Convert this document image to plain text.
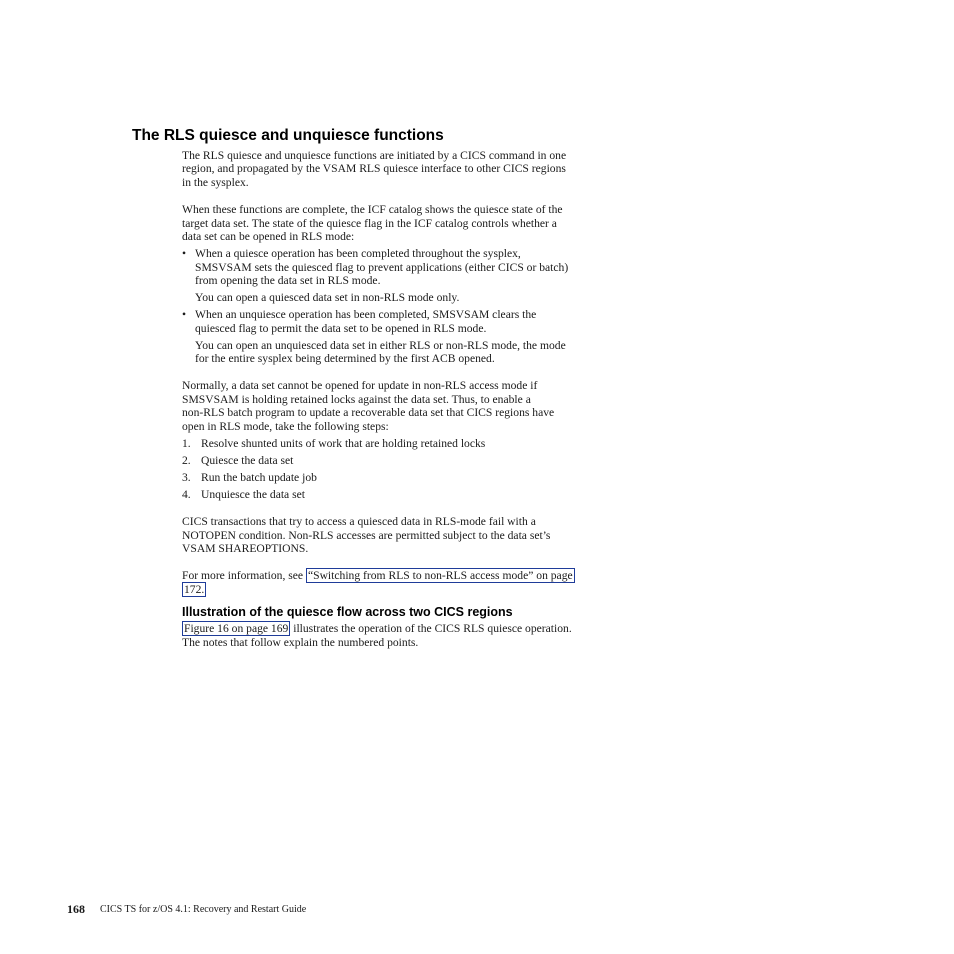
The RLS quiesce and unquiesce functions

The RLS quiesce and unquiesce functions are initiated by a CICS command in one

region, and propagated by the VSAM RLS quiesce interface to other CICS regions

in the sysplex.

When these functions are complete, the ICF catalog shows the quiesce state of the

target data set. The state of the quiesce flag in the ICF catalog controls whether a

data set can be opened in RLS mode:

• When a quiesce operation has been completed throughout the sysplex,

SMSVSAM sets the quiesced flag to prevent applications (either CICS or batch)

from opening the data set in RLS mode.

You can open a quiesced data set in non-RLS mode only.

• When an unquiesce operation has been completed, SMSVSAM clears the

quiesced flag to permit the data set to be opened in RLS mode.

You can open an unquiesced data set in either RLS or non-RLS mode, the mode

for the entire sysplex being determined by the first ACB opened.

Normally, a data set cannot be opened for update in non-RLS access mode if

SMSVSAM is holding retained locks against the data set. Thus, to enable a

non-RLS batch program to update a recoverable data set that CICS regions have

open in RLS mode, take the following steps:

1. Resolve shunted units of work that are holding retained locks

2. Quiesce the data set

3. Run the batch update job

4. Unquiesce the data set

CICS transactions that try to access a quiesced data in RLS-mode fail with a

NOTOPEN condition. Non-RLS accesses are permitted subject to the data set’s

VSAM SHAREOPTIONS.

For more information, see “Switching from RLS to non-RLS access mode” on page

172.

Illustration of the quiesce flow across two CICS regions

Figure 16 on page 169 illustrates the operation of the CICS RLS quiesce operation.

The notes that follow explain the numbered points.

168 CICS TS for z/OS 4.1: Recovery and Restart Guide
